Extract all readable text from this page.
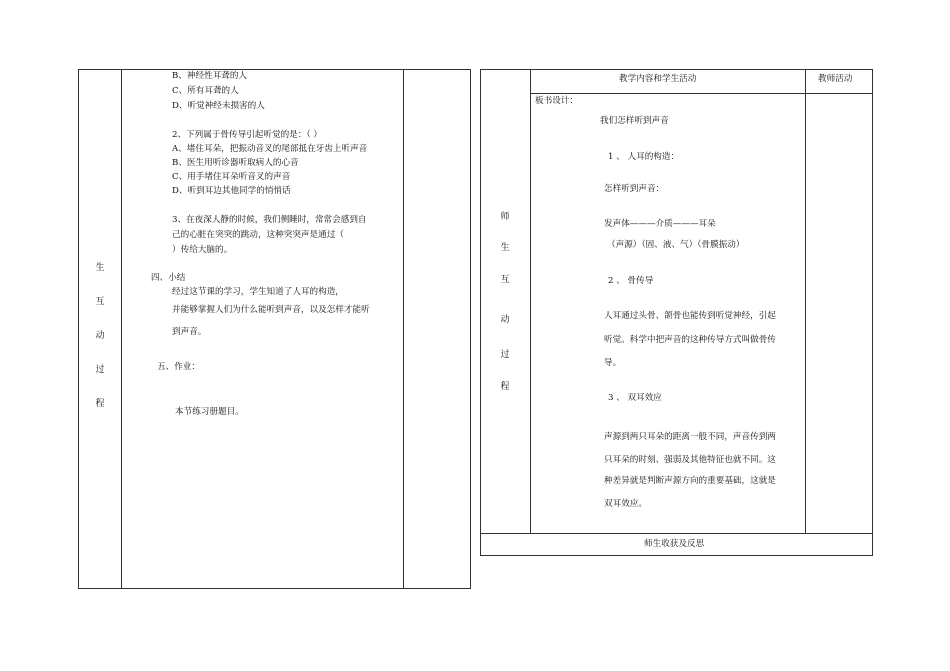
生
互
动
过
程
B、神经性耳聋的人
C、所有耳聋的人
D、听觉神经未损害的人
2、下列属于骨传导引起听觉的是：（ ）
A、堵住耳朵，把振动音叉的尾部抵在牙齿上听声音
B、医生用听诊器听取病人的心音
C、用手堵住耳朵听音叉的声音
D、听到耳边其他同学的悄悄话
3、在夜深人静的时候，我们侧睡时，常常会感到自
己的心脏在突突的跳动，这种突突声是通过（
）传给大脑的。
四、小结
经过这节课的学习，学生知道了人耳的构造，
并能够掌握人们为什么能听到声音，以及怎样才能听
到声音。
五、作业：
本节练习册题目。
教学内容和学生活动	教师活动
师
生
互
动
过
程
板书设计：
我们怎样听到声音
1 、 人耳的构造：
怎样听到声音：
发声体———介质———耳朵
（声源）（固、液、气）（骨膜振动）
2 、 骨传导
人耳通过头骨、颌骨也能传到听觉神经，引起
听觉。科学中把声音的这种传导方式叫做骨传
导。
3 、 双耳效应
声源到两只耳朵的距离一般不同，声音传到两
只耳朵的时刻、强弱及其他特征也就不同。这
种差异就是判断声源方向的重要基础，这就是
双耳效应。
师生收获及反思
